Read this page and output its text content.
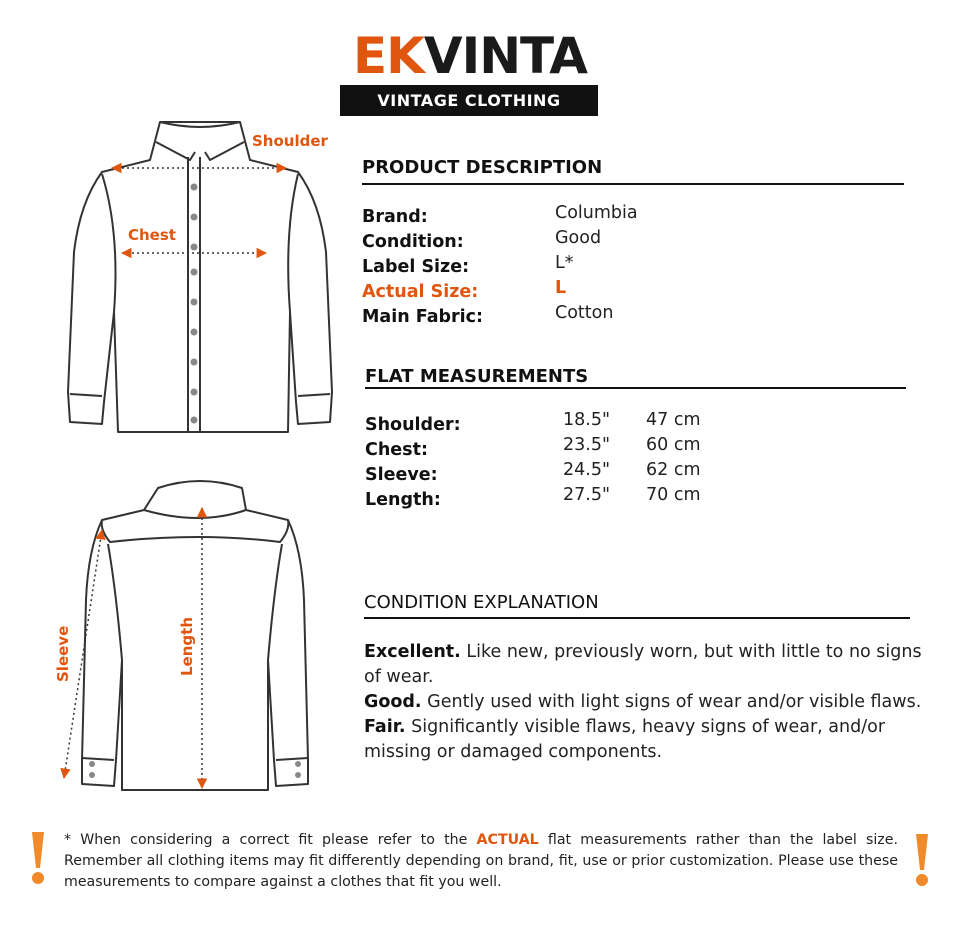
EKVINTA
VINTAGE CLOTHING
Shoulder
Chest
Sleeve	Length
PRODUCT DESCRIPTION
Brand:	Columbia
Condition:	Good
Label Size:	L*
Actual Size:	L
Main Fabric:	Cotton
FLAT MEASUREMENTS
Shoulder:	18.5" 47 cm
Chest:	23.5" 60 cm
Sleeve:	24.5" 62 cm
Length:	27.5" 70 cm
CONDITION EXPLANATION
Excellent. Like new, previously worn, but with little to no signs of wear.
Good. Gently used with light signs of wear and/or visible flaws.
Fair. Significantly visible flaws, heavy signs of wear, and/or missing or damaged components.
* When considering a correct fit please refer to the ACTUAL flat measurements rather than the label size. Remember all clothing items may fit differently depending on brand, fit, use or prior customization. Please use these measurements to compare against a clothes that fit you well.
